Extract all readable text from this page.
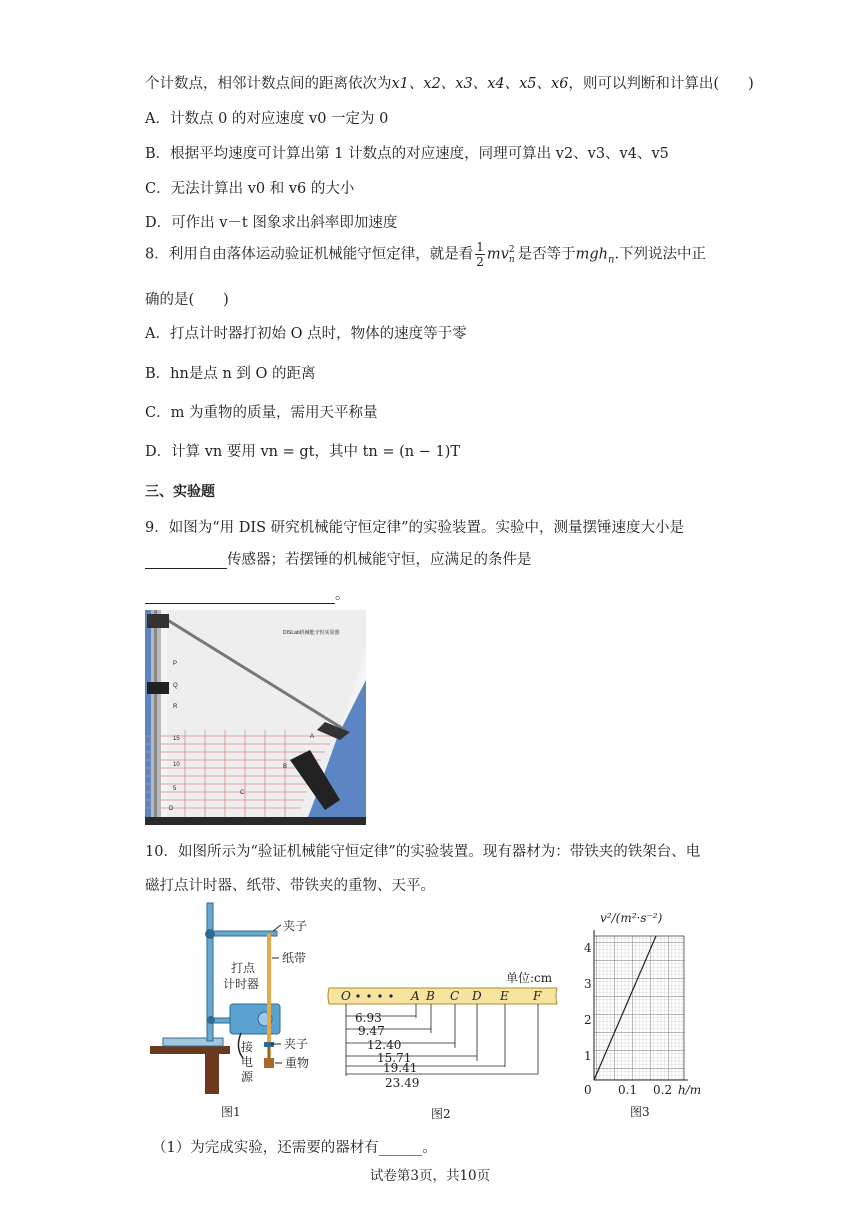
个计数点，相邻计数点间的距离依次为x1、x2、x3、x4、x5、x6，则可以判断和计算出(　　)
A．计数点 0 的对应速度 v0 一定为 0
B．根据平均速度可计算出第 1 计数点的对应速度，同理可算出 v2、v3、v4、v5
C．无法计算出 v0 和 v6 的大小
D．可作出 v－t 图象求出斜率即加速度
8．利用自由落体运动验证机械能守恒定律，就是看 $\frac{1}{2}$ mv 2
n 是否等于mgh$_n$.下列说法中正
确的是(　　)
A．打点计时器打初始 O 点时，物体的速度等于零
B．hn是点 n 到 O 的距离
C．m 为重物的质量，需用天平称量
D．计算 vn 要用 vn = gt，其中 tn = (n − 1)T
三、实验题
9．如图为“用 DIS 研究机械能守恒定律”的实验装置。实验中，测量摆锤速度大小是
传感器；若摆锤的机械能守恒，应满足的条件是
。
P
Q
R
A
B
C
D
15
10
5
DISLab机械能守恒实验器
10．如图所示为“验证机械能守恒定律”的实验装置。现有器材为：带铁夹的铁架台、电
磁打点计时器、纸带、带铁夹的重物、天平。
夹子
纸带
打点
计时器
夹子
接
电
源
重物
图1
单位:cm
O	A B C D E F
6.93
9.47
12.40
15.71
19.41
23.49
图2
v²/(m²·s⁻²)
4
3
2
1
0 0.1 0.2 h/m
图3
（1）为完成实验，还需要的器材有______。
试卷第3页，共10页
